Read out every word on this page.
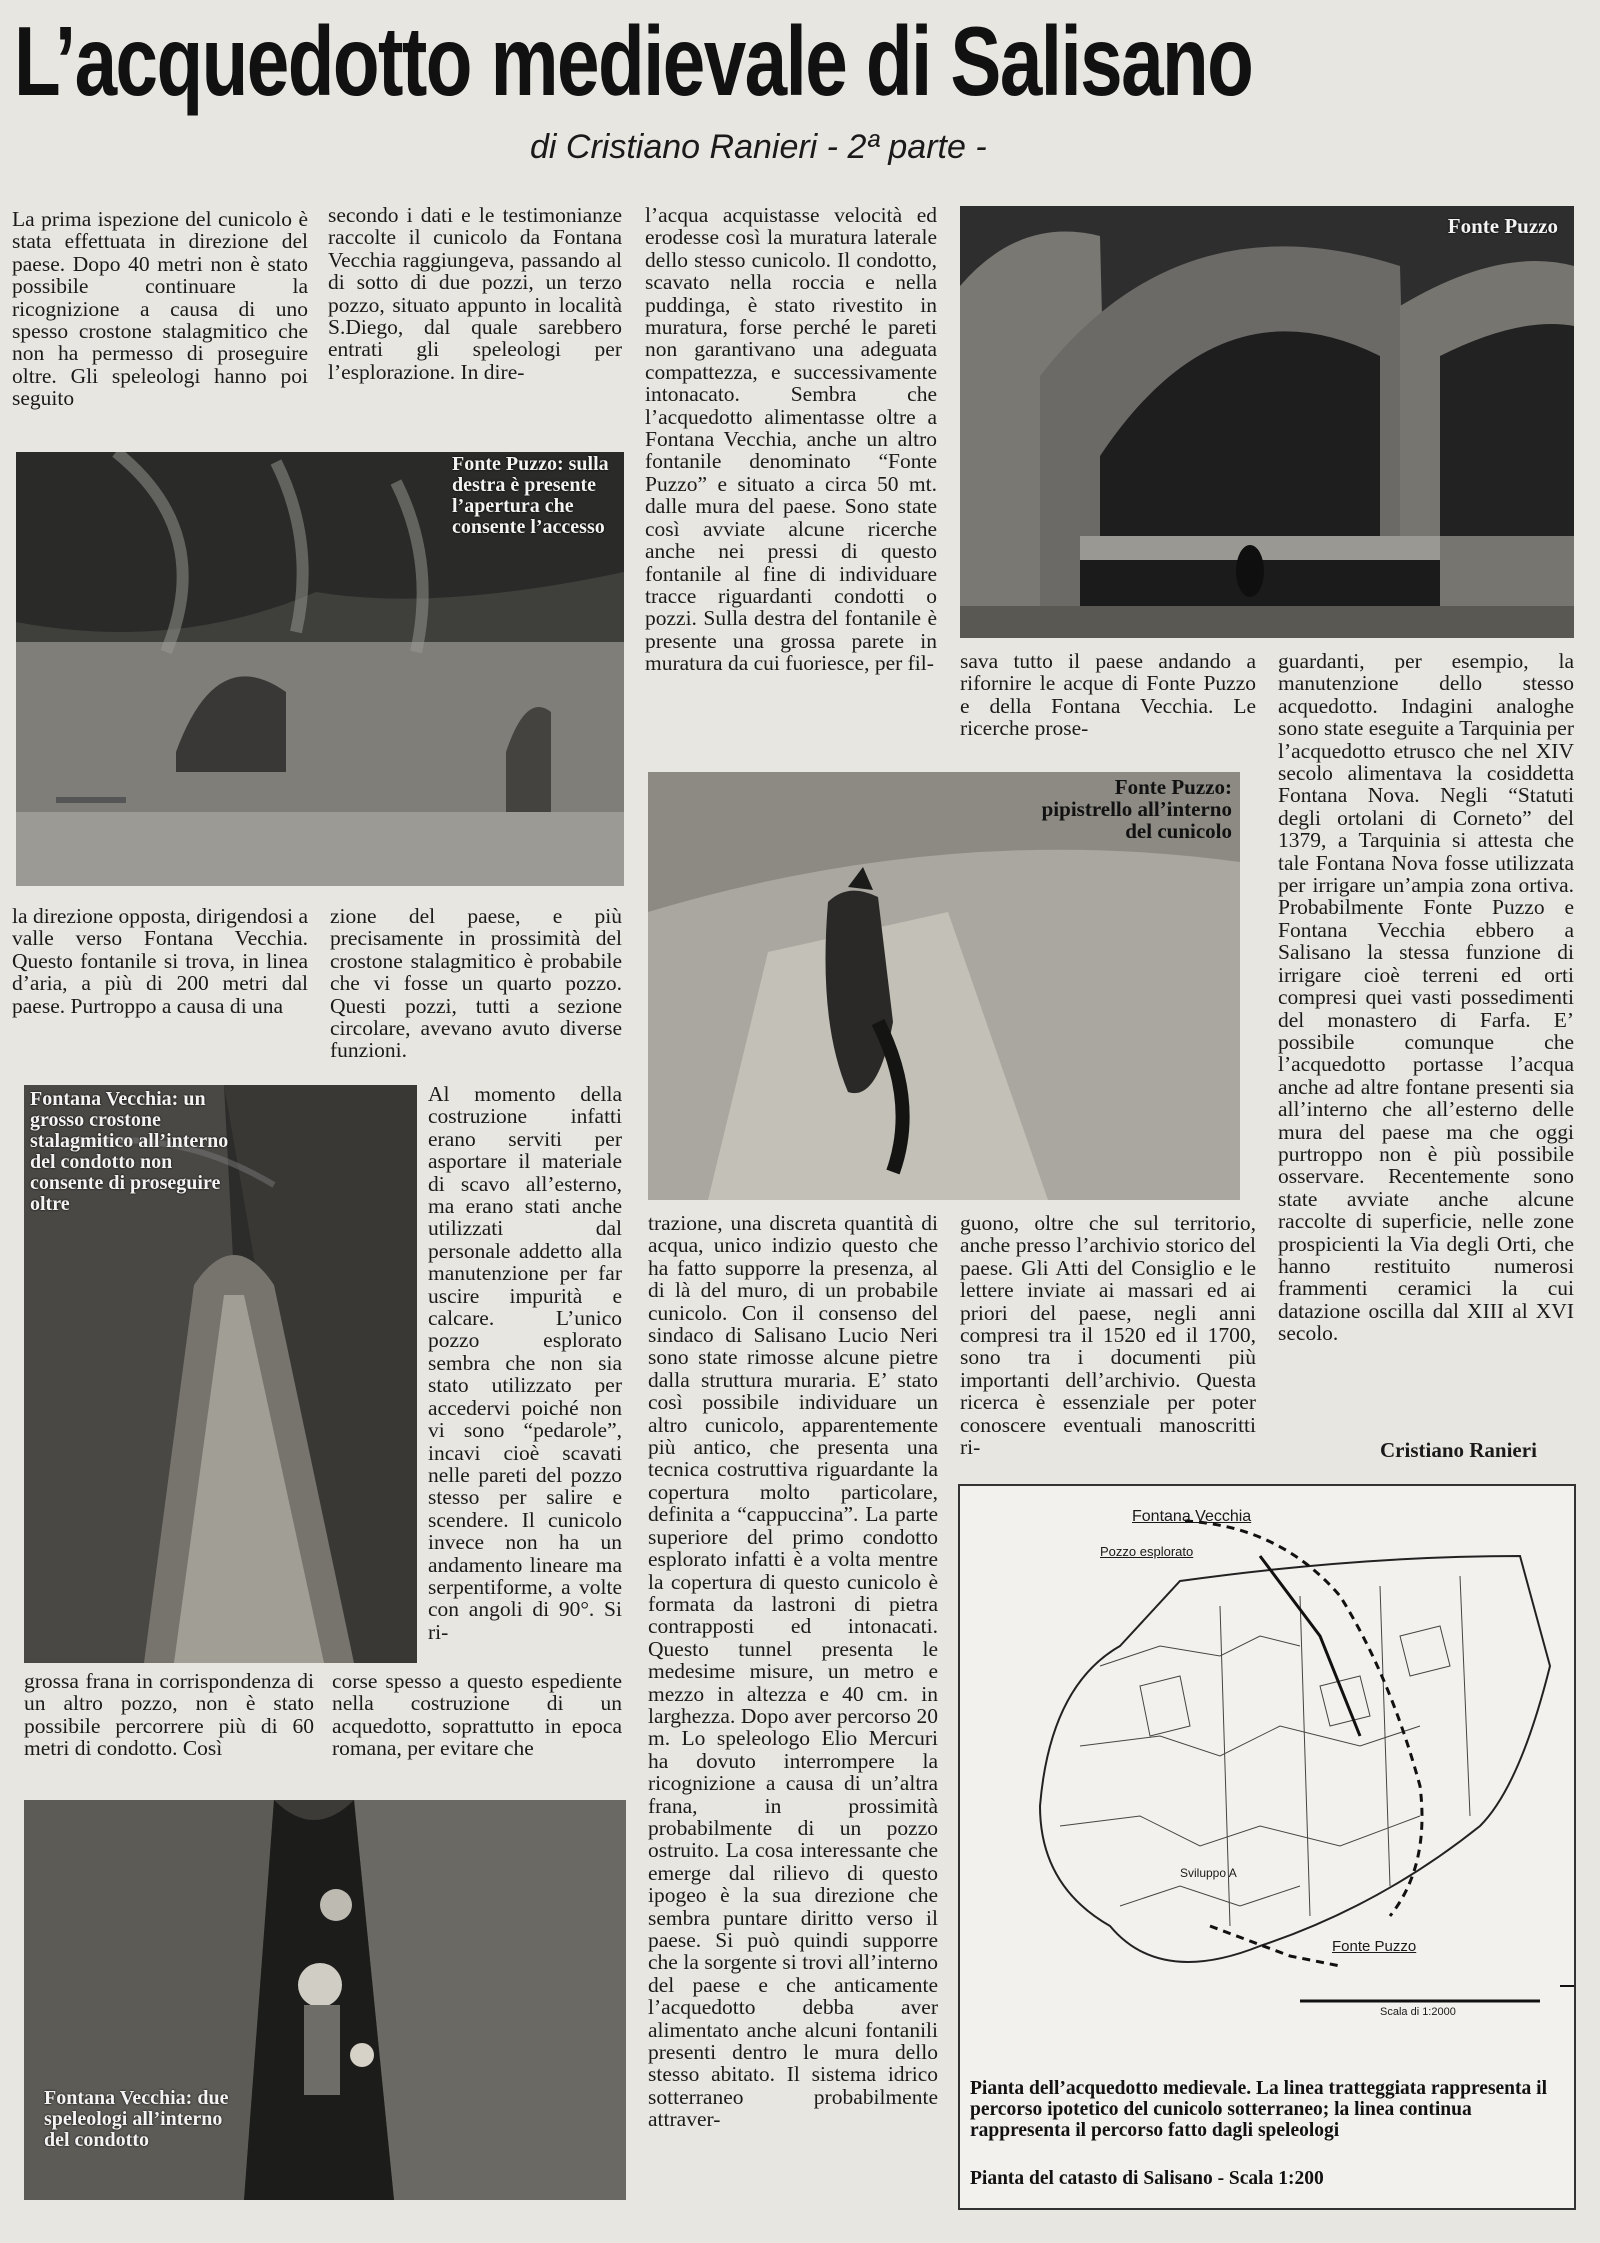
L’acquedotto medievale di Salisano
di Cristiano Ranieri - 2ª parte -
La prima ispezione del cunicolo è stata effettuata in direzione del paese. Dopo 40 metri non è stato possibile continuare la ricognizione a causa di uno spesso crostone stalagmitico che non ha permesso di proseguire oltre. Gli speleologi hanno poi seguito
secondo i dati e le testimonianze raccolte il cunicolo da Fontana Vecchia raggiungeva, passando al di sotto di due pozzi, un terzo pozzo, situato appunto in località S.Diego, dal quale sarebbero entrati gli speleologi per l’esplorazione. In dire-
l’acqua acquistasse velocità ed erodesse così la muratura laterale dello stesso cunicolo. Il condotto, scavato nella roccia e nella puddinga, è stato rivestito in muratura, forse perché le pareti non garantivano una adeguata compattezza, e successivamente intonacato. Sembra che l’acquedotto alimentasse oltre a Fontana Vecchia, anche un altro fontanile denominato “Fonte Puzzo” e situato a circa 50 mt. dalle mura del paese. Sono state così avviate alcune ricerche anche nei pressi di questo fontanile al fine di individuare tracce riguardanti condotti o pozzi. Sulla destra del fontanile è presente una grossa parete in muratura da cui fuoriesce, per fil-
Fonte Puzzo
Fonte Puzzo: sulla destra è presente l’apertura che consente l’accesso
la direzione opposta, dirigendosi a valle verso Fontana Vecchia. Questo fontanile si trova, in linea d’aria, a più di 200 metri dal paese. Purtroppo a causa di una
zione del paese, e più precisamente in prossimità del crostone stalagmitico è probabile che vi fosse un quarto pozzo. Questi pozzi, tutti a sezione circolare, avevano avuto diverse funzioni.
Fontana Vecchia: un grosso crostone stalagmitico all’interno del condotto non consente di proseguire oltre
Al momento della costruzione infatti erano serviti per asportare il materiale di scavo all’esterno, ma erano stati anche utilizzati dal personale addetto alla manutenzione per far uscire impurità e calcare. L’unico pozzo esplorato sembra che non sia stato utilizzato per accedervi poiché non vi sono “pedarole”, incavi cioè scavati nelle pareti del pozzo stesso per salire e scendere. Il cunicolo invece non ha un andamento lineare ma serpentiforme, a volte con angoli di 90°. Si ri-
grossa frana in corrispondenza di un altro pozzo, non è stato possibile percorrere più di 60 metri di condotto. Così
corse spesso a questo espediente nella costruzione di un acquedotto, soprattutto in epoca romana, per evitare che
Fontana Vecchia: due speleologi all’interno del condotto
sava tutto il paese andando a rifornire le acque di Fonte Puzzo e della Fontana Vecchia. Le ricerche prose-
Fonte Puzzo: pipistrello all’interno del cunicolo
guardanti, per esempio, la manutenzione dello stesso acquedotto. Indagini analoghe sono state eseguite a Tarquinia per l’acquedotto etrusco che nel XIV secolo alimentava la cosiddetta Fontana Nova. Negli “Statuti degli ortolani di Corneto” del 1379, a Tarquinia si attesta che tale Fontana Nova fosse utilizzata per irrigare un’ampia zona ortiva. Probabilmente Fonte Puzzo e Fontana Vecchia ebbero a Salisano la stessa funzione di irrigare cioè terreni ed orti compresi quei vasti possedimenti del monastero di Farfa. E’ possibile comunque che l’acquedotto portasse l’acqua anche ad altre fontane presenti sia all’interno che all’esterno delle mura del paese ma che oggi purtroppo non è più possibile osservare. Recentemente sono state avviate anche alcune raccolte di superficie, nelle zone prospicienti la Via degli Orti, che hanno restituito numerosi frammenti ceramici la cui datazione oscilla dal XIII al XVI secolo.
Cristiano Ranieri
trazione, una discreta quantità di acqua, unico indizio questo che ha fatto supporre la presenza, al di là del muro, di un probabile cunicolo. Con il consenso del sindaco di Salisano Lucio Neri sono state rimosse alcune pietre dalla struttura muraria. E’ stato così possibile individuare un altro cunicolo, apparentemente più antico, che presenta una tecnica costruttiva riguardante la copertura molto particolare, definita a “cappuccina”. La parte superiore del primo condotto esplorato infatti è a volta mentre la copertura di questo cunicolo è formata da lastroni di pietra contrapposti ed intonacati. Questo tunnel presenta le medesime misure, un metro e mezzo in altezza e 40 cm. in larghezza. Dopo aver percorso 20 m. Lo speleologo Elio Mercuri ha dovuto interrompere la ricognizione a causa di un’altra frana, in prossimità probabilmente di un pozzo ostruito. La cosa interessante che emerge dal rilievo di questo ipogeo è la sua direzione che sembra puntare diritto verso il paese. Si può quindi supporre che la sorgente si trovi all’interno del paese e che anticamente l’acquedotto debba aver alimentato anche alcuni fontanili presenti dentro le mura dello stesso abitato. Il sistema idrico sotterraneo probabilmente attraver-
guono, oltre che sul territorio, anche presso l’archivio storico del paese. Gli Atti del Consiglio e le lettere inviate ai massari ed ai priori del paese, negli anni compresi tra il 1520 ed il 1700, sono tra i documenti più importanti dell’archivio. Questa ricerca è essenziale per poter conoscere eventuali manoscritti ri-
Fontana Vecchia
Pozzo esplorato
Fonte Puzzo
Sviluppo A
Scala di 1:2000
Pianta dell’acquedotto medievale. La linea tratteggiata rappresenta il percorso ipotetico del cunicolo sotterraneo; la linea continua rappresenta il percorso fatto dagli speleologi
Pianta del catasto di Salisano - Scala 1:200
